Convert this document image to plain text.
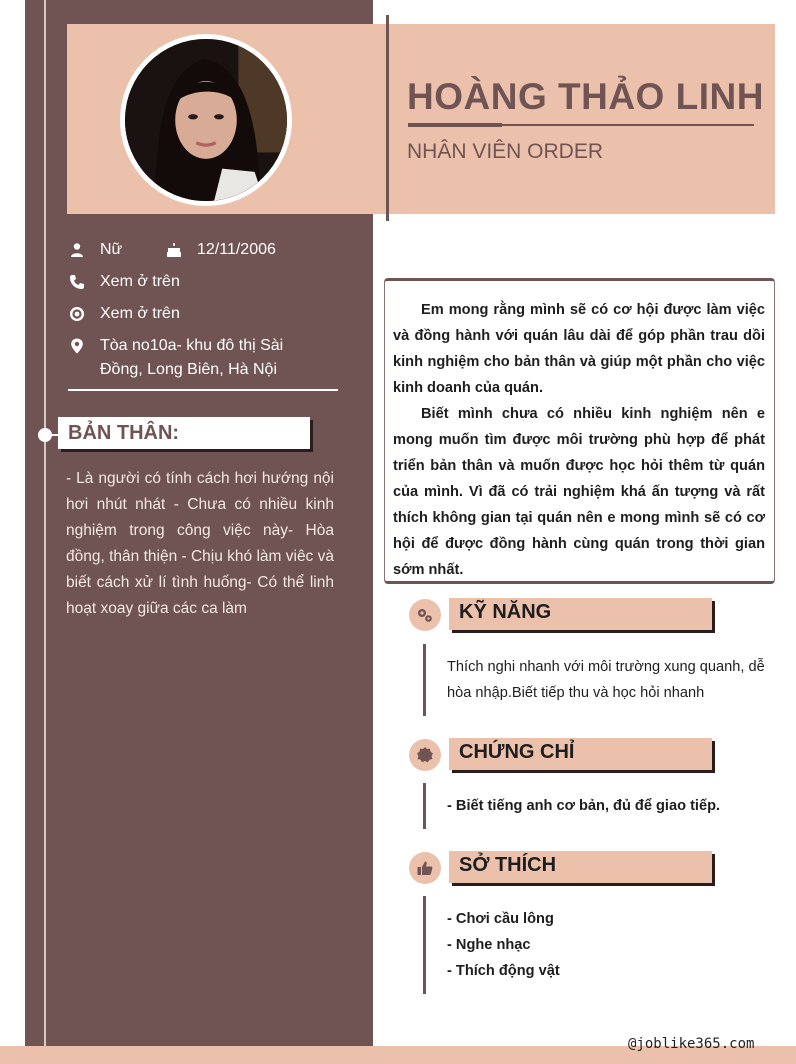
HOÀNG THẢO LINH
NHÂN VIÊN ORDER
Nữ	12/11/2006
Xem ở trên
Xem ở trên
Tòa no10a- khu đô thị Sài
Đồng, Long Biên, Hà Nội
BẢN THÂN:
- Là người có tính cách hơi hướng nội hơi nhút nhát - Chưa có nhiều kinh nghiệm trong công việc này- Hòa đồng, thân thiện - Chịu khó làm viêc và biết cách xử lí tình huống- Có thể linh hoạt xoay giữa các ca làm

Em mong rằng mình sẽ có cơ hội được làm việc và đồng hành với quán lâu dài để góp phần trau dồi kinh nghiệm cho bản thân và giúp một phần cho việc kinh doanh của quán.

Biết mình chưa có nhiều kinh nghiệm nên e mong muốn tìm được môi trường phù hợp để phát triển bản thân và muốn được học hỏi thêm từ quán của mình. Vì đã có trải nghiệm khá ấn tượng và rất thích không gian tại quán nên e mong mình sẽ có cơ hội để được đồng hành cùng quán trong thời gian sớm nhất.

KỸ NĂNG
Thích nghi nhanh với môi trường xung quanh, dễ hòa nhập.Biết tiếp thu và học hỏi nhanh
CHỨNG CHỈ
- Biết tiếng anh cơ bản, đủ để giao tiếp.
SỞ THÍCH
- Chơi cầu lông
- Nghe nhạc
- Thích động vật
@joblike365.com
